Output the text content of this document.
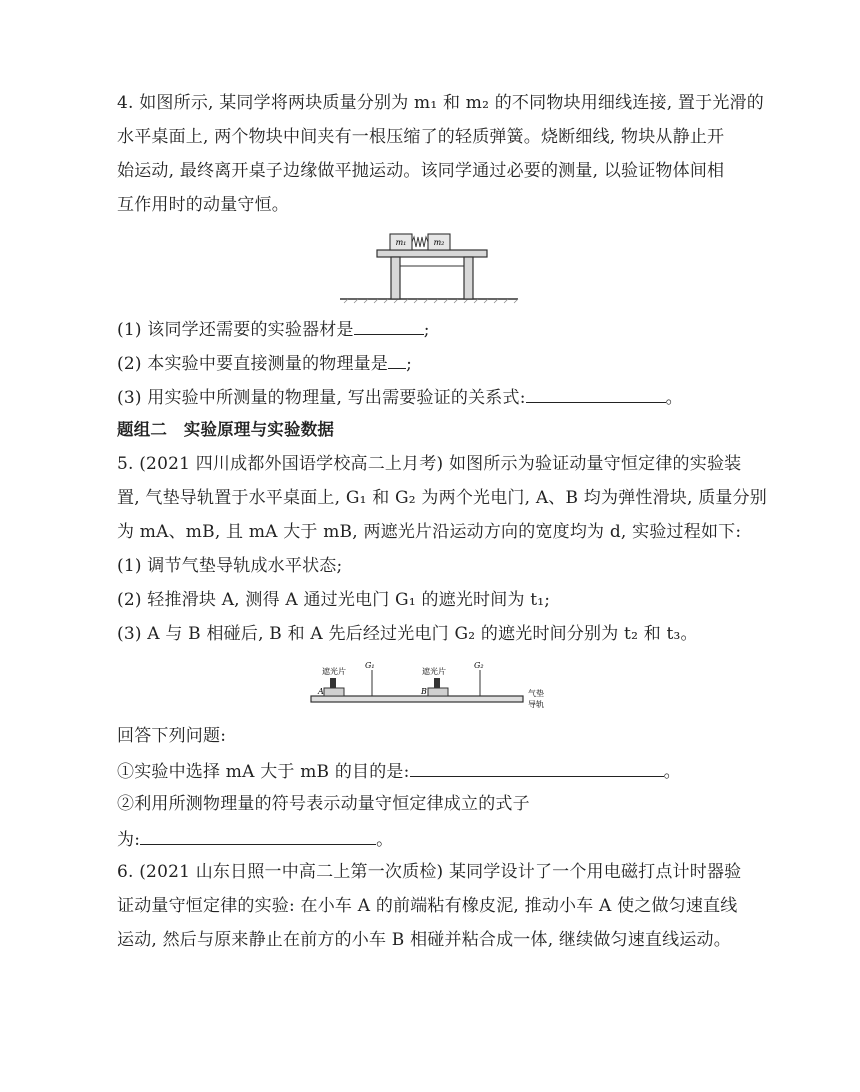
4. 如图所示, 某同学将两块质量分别为 m₁ 和 m₂ 的不同物块用细线连接, 置于光滑的
水平桌面上, 两个物块中间夹有一根压缩了的轻质弹簧。烧断细线, 物块从静止开
始运动, 最终离开桌子边缘做平抛运动。该同学通过必要的测量, 以验证物体间相
互作用时的动量守恒。
m₁	m₂
(1) 该同学还需要的实验器材是	;
(2) 本实验中要直接测量的物理量是 ;
(3) 用实验中所测量的物理量, 写出需要验证的关系式:	。
题组二　实验原理与实验数据
5. (2021 四川成都外国语学校高二上月考) 如图所示为验证动量守恒定律的实验装
置, 气垫导轨置于水平桌面上, G₁ 和 G₂ 为两个光电门, A、B 均为弹性滑块, 质量分别
为 mA、mB, 且 mA 大于 mB, 两遮光片沿运动方向的宽度均为 d, 实验过程如下:
(1) 调节气垫导轨成水平状态;
(2) 轻推滑块 A, 测得 A 通过光电门 G₁ 的遮光时间为 t₁;
(3) A 与 B 相碰后, B 和 A 先后经过光电门 G₂ 的遮光时间分别为 t₂ 和 t₃。
A
遮光片
G₁
B
遮光片
G₂
气垫
导轨
回答下列问题:
①实验中选择 mA 大于 mB 的目的是:	。
②利用所测物理量的符号表示动量守恒定律成立的式子
为:	。
6. (2021 山东日照一中高二上第一次质检) 某同学设计了一个用电磁打点计时器验
证动量守恒定律的实验: 在小车 A 的前端粘有橡皮泥, 推动小车 A 使之做匀速直线
运动, 然后与原来静止在前方的小车 B 相碰并粘合成一体, 继续做匀速直线运动。
